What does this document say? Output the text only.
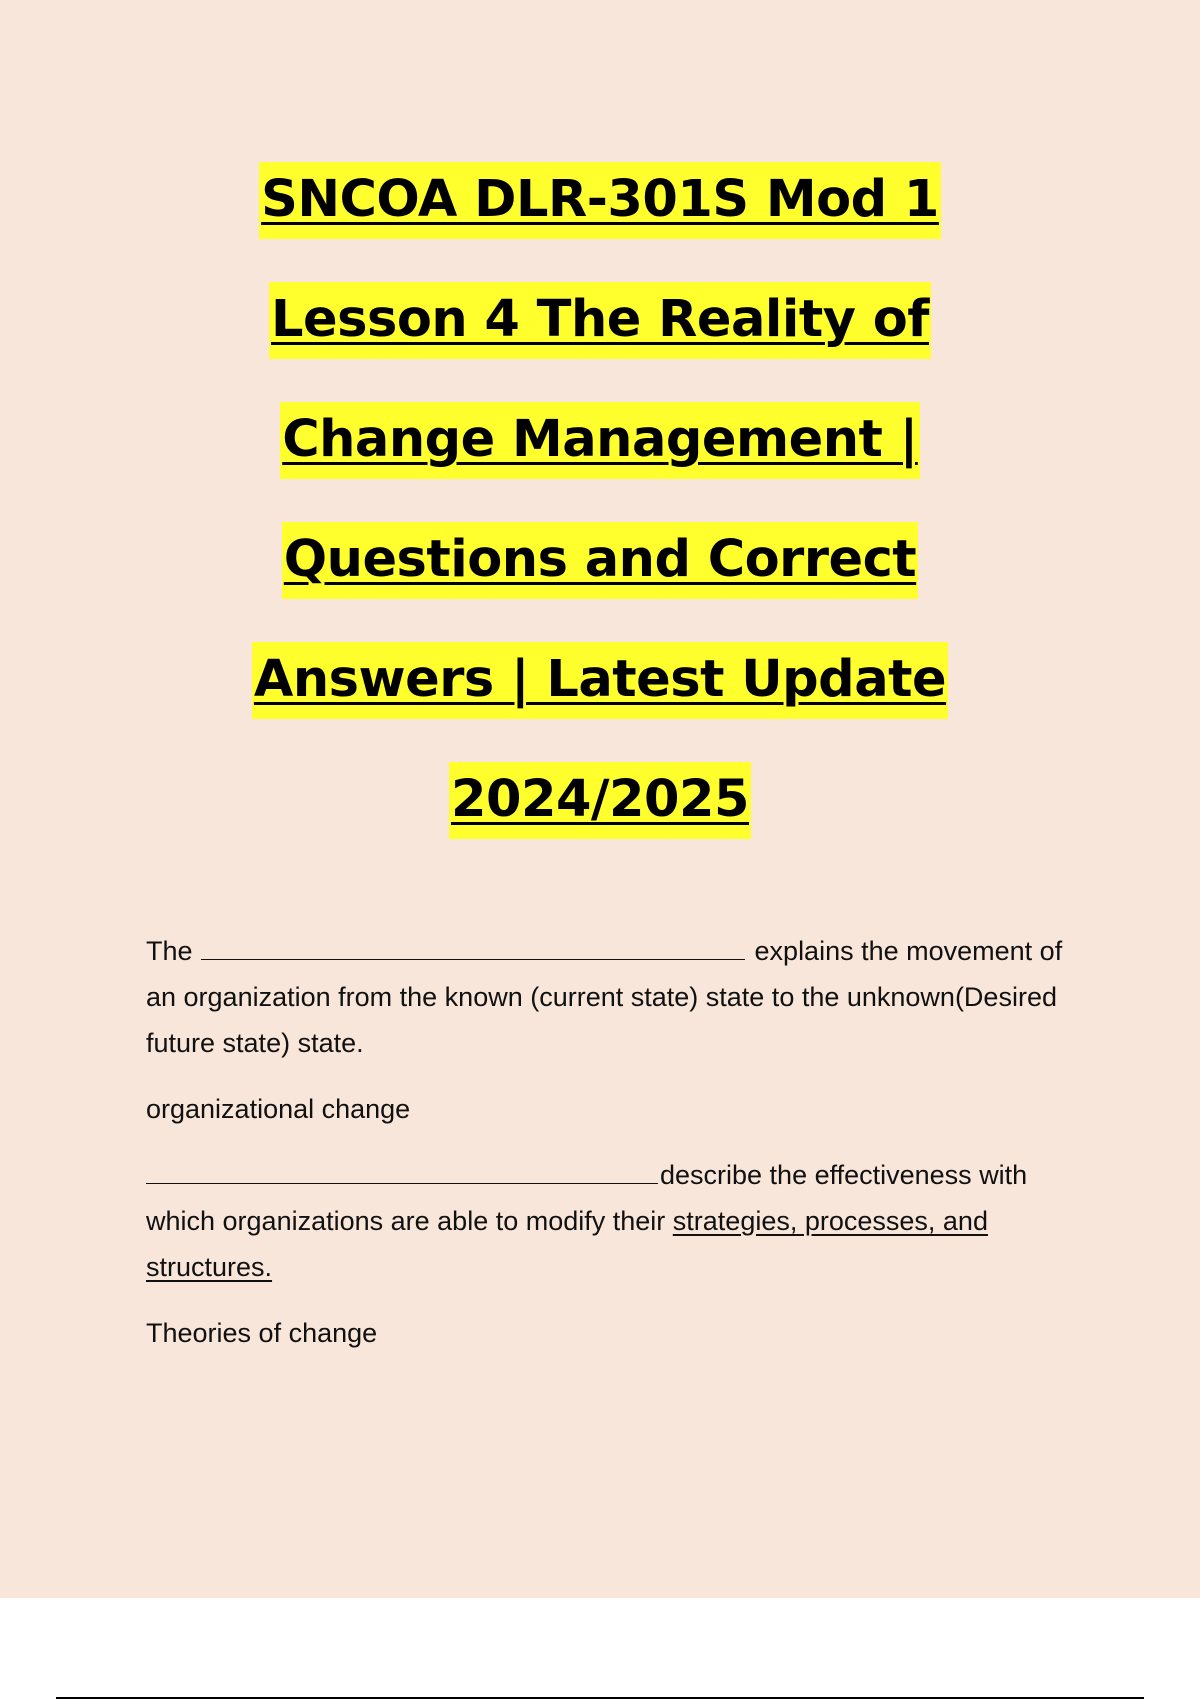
SNCOA DLR-301S Mod 1
Lesson 4 The Reality of
Change Management |
Questions and Correct
Answers | Latest Update
2024/2025

The	explains the movement of an organization from the known (current state) state to the unknown(Desired future state) state.

organizational change

describe the effectiveness with which organizations are able to modify their strategies, processes, and structures.

Theories of change
